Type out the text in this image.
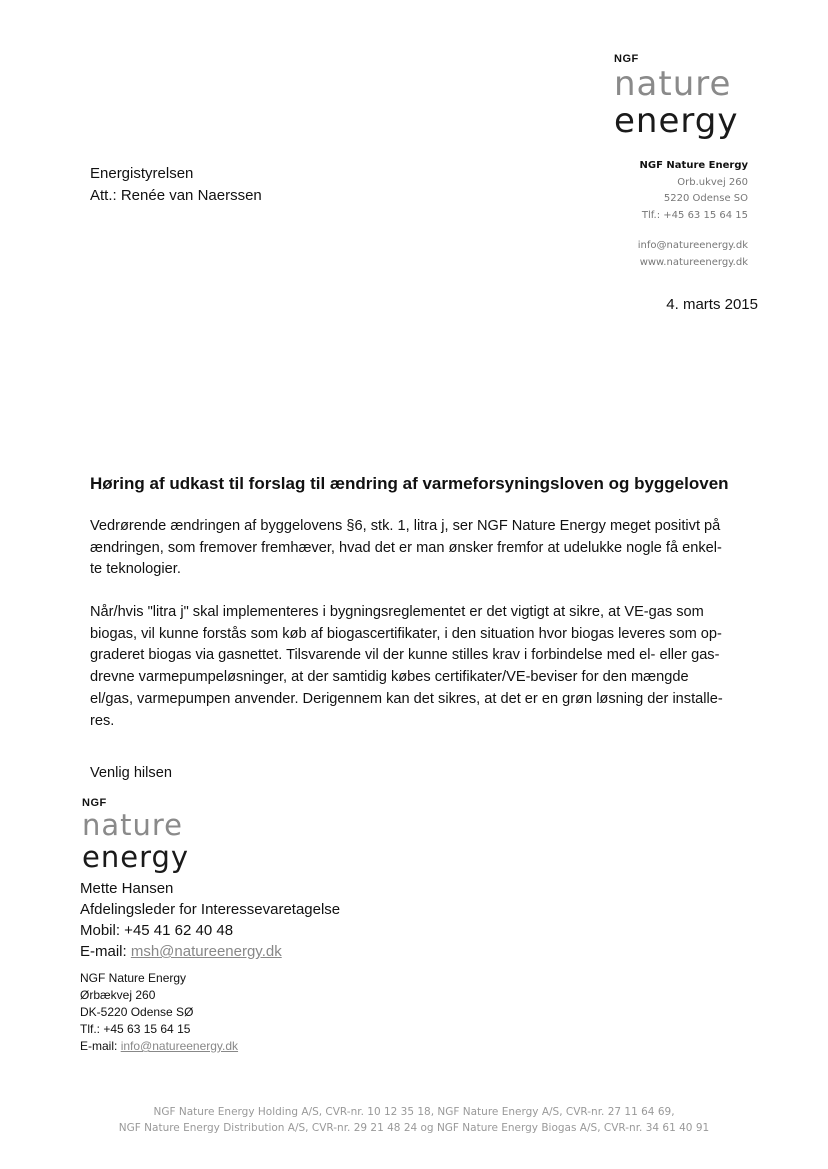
NGF
nature
energy
NGF Nature Energy
Orb.ukvej 260
5220 Odense SO
Tlf.: +45 63 15 64 15
info@natureenergy.dk
www.natureenergy.dk
Energistyrelsen
Att.: Renée van Naerssen
4. marts 2015
Høring af udkast til forslag til ændring af varmeforsyningsloven og byggeloven
Vedrørende ændringen af byggelovens §6, stk. 1, litra j, ser NGF Nature Energy meget positivt på
ændringen, som fremover fremhæver, hvad det er man ønsker fremfor at udelukke nogle få enkel-
te teknologier.
Når/hvis "litra j" skal implementeres i bygningsreglementet er det vigtigt at sikre, at VE-gas som
biogas, vil kunne forstås som køb af biogascertifikater, i den situation hvor biogas leveres som op-
graderet biogas via gasnettet. Tilsvarende vil der kunne stilles krav i forbindelse med el- eller gas-
drevne varmepumpeløsninger, at der samtidig købes certifikater/VE-beviser for den mængde
el/gas, varmepumpen anvender. Derigennem kan det sikres, at det er en grøn løsning der installe-
res.
Venlig hilsen
NGF
nature
energy
Mette Hansen
Afdelingsleder for Interessevaretagelse
Mobil: +45 41 62 40 48
E-mail: msh@natureenergy.dk
NGF Nature Energy
Ørbækvej 260
DK-5220 Odense SØ
Tlf.: +45 63 15 64 15
E-mail: info@natureenergy.dk
NGF Nature Energy Holding A/S, CVR-nr. 10 12 35 18, NGF Nature Energy A/S, CVR-nr. 27 11 64 69,
NGF Nature Energy Distribution A/S, CVR-nr. 29 21 48 24 og NGF Nature Energy Biogas A/S, CVR-nr. 34 61 40 91
